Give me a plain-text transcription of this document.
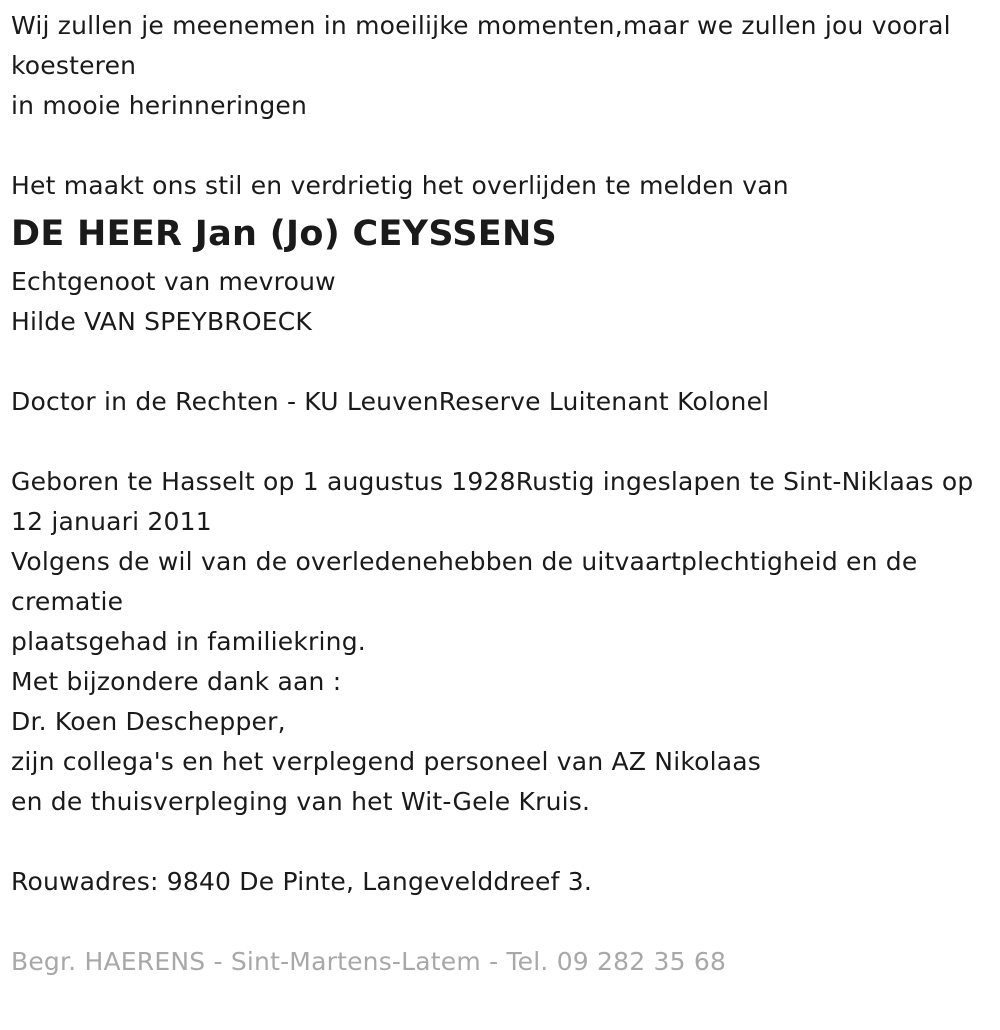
Wij zullen je meenemen in moeilijke momenten,maar we zullen jou vooral koesteren
in mooie herinneringen
Het maakt ons stil en verdrietig het overlijden te melden van
DE HEER Jan (Jo) CEYSSENS
Echtgenoot van mevrouw
Hilde VAN SPEYBROECK
Doctor in de Rechten - KU LeuvenReserve Luitenant Kolonel
Geboren te Hasselt op 1 augustus 1928Rustig ingeslapen te Sint-Niklaas op 12 januari 2011
Volgens de wil van de overledenehebben de uitvaartplechtigheid en de crematie
plaatsgehad in familiekring.
Met bijzondere dank aan :
Dr. Koen Deschepper,
zijn collega's en het verplegend personeel van AZ Nikolaas
en de thuisverpleging van het Wit-Gele Kruis.
Rouwadres: 9840 De Pinte, Langevelddreef 3.
Begr. HAERENS - Sint-Martens-Latem - Tel. 09 282 35 68
